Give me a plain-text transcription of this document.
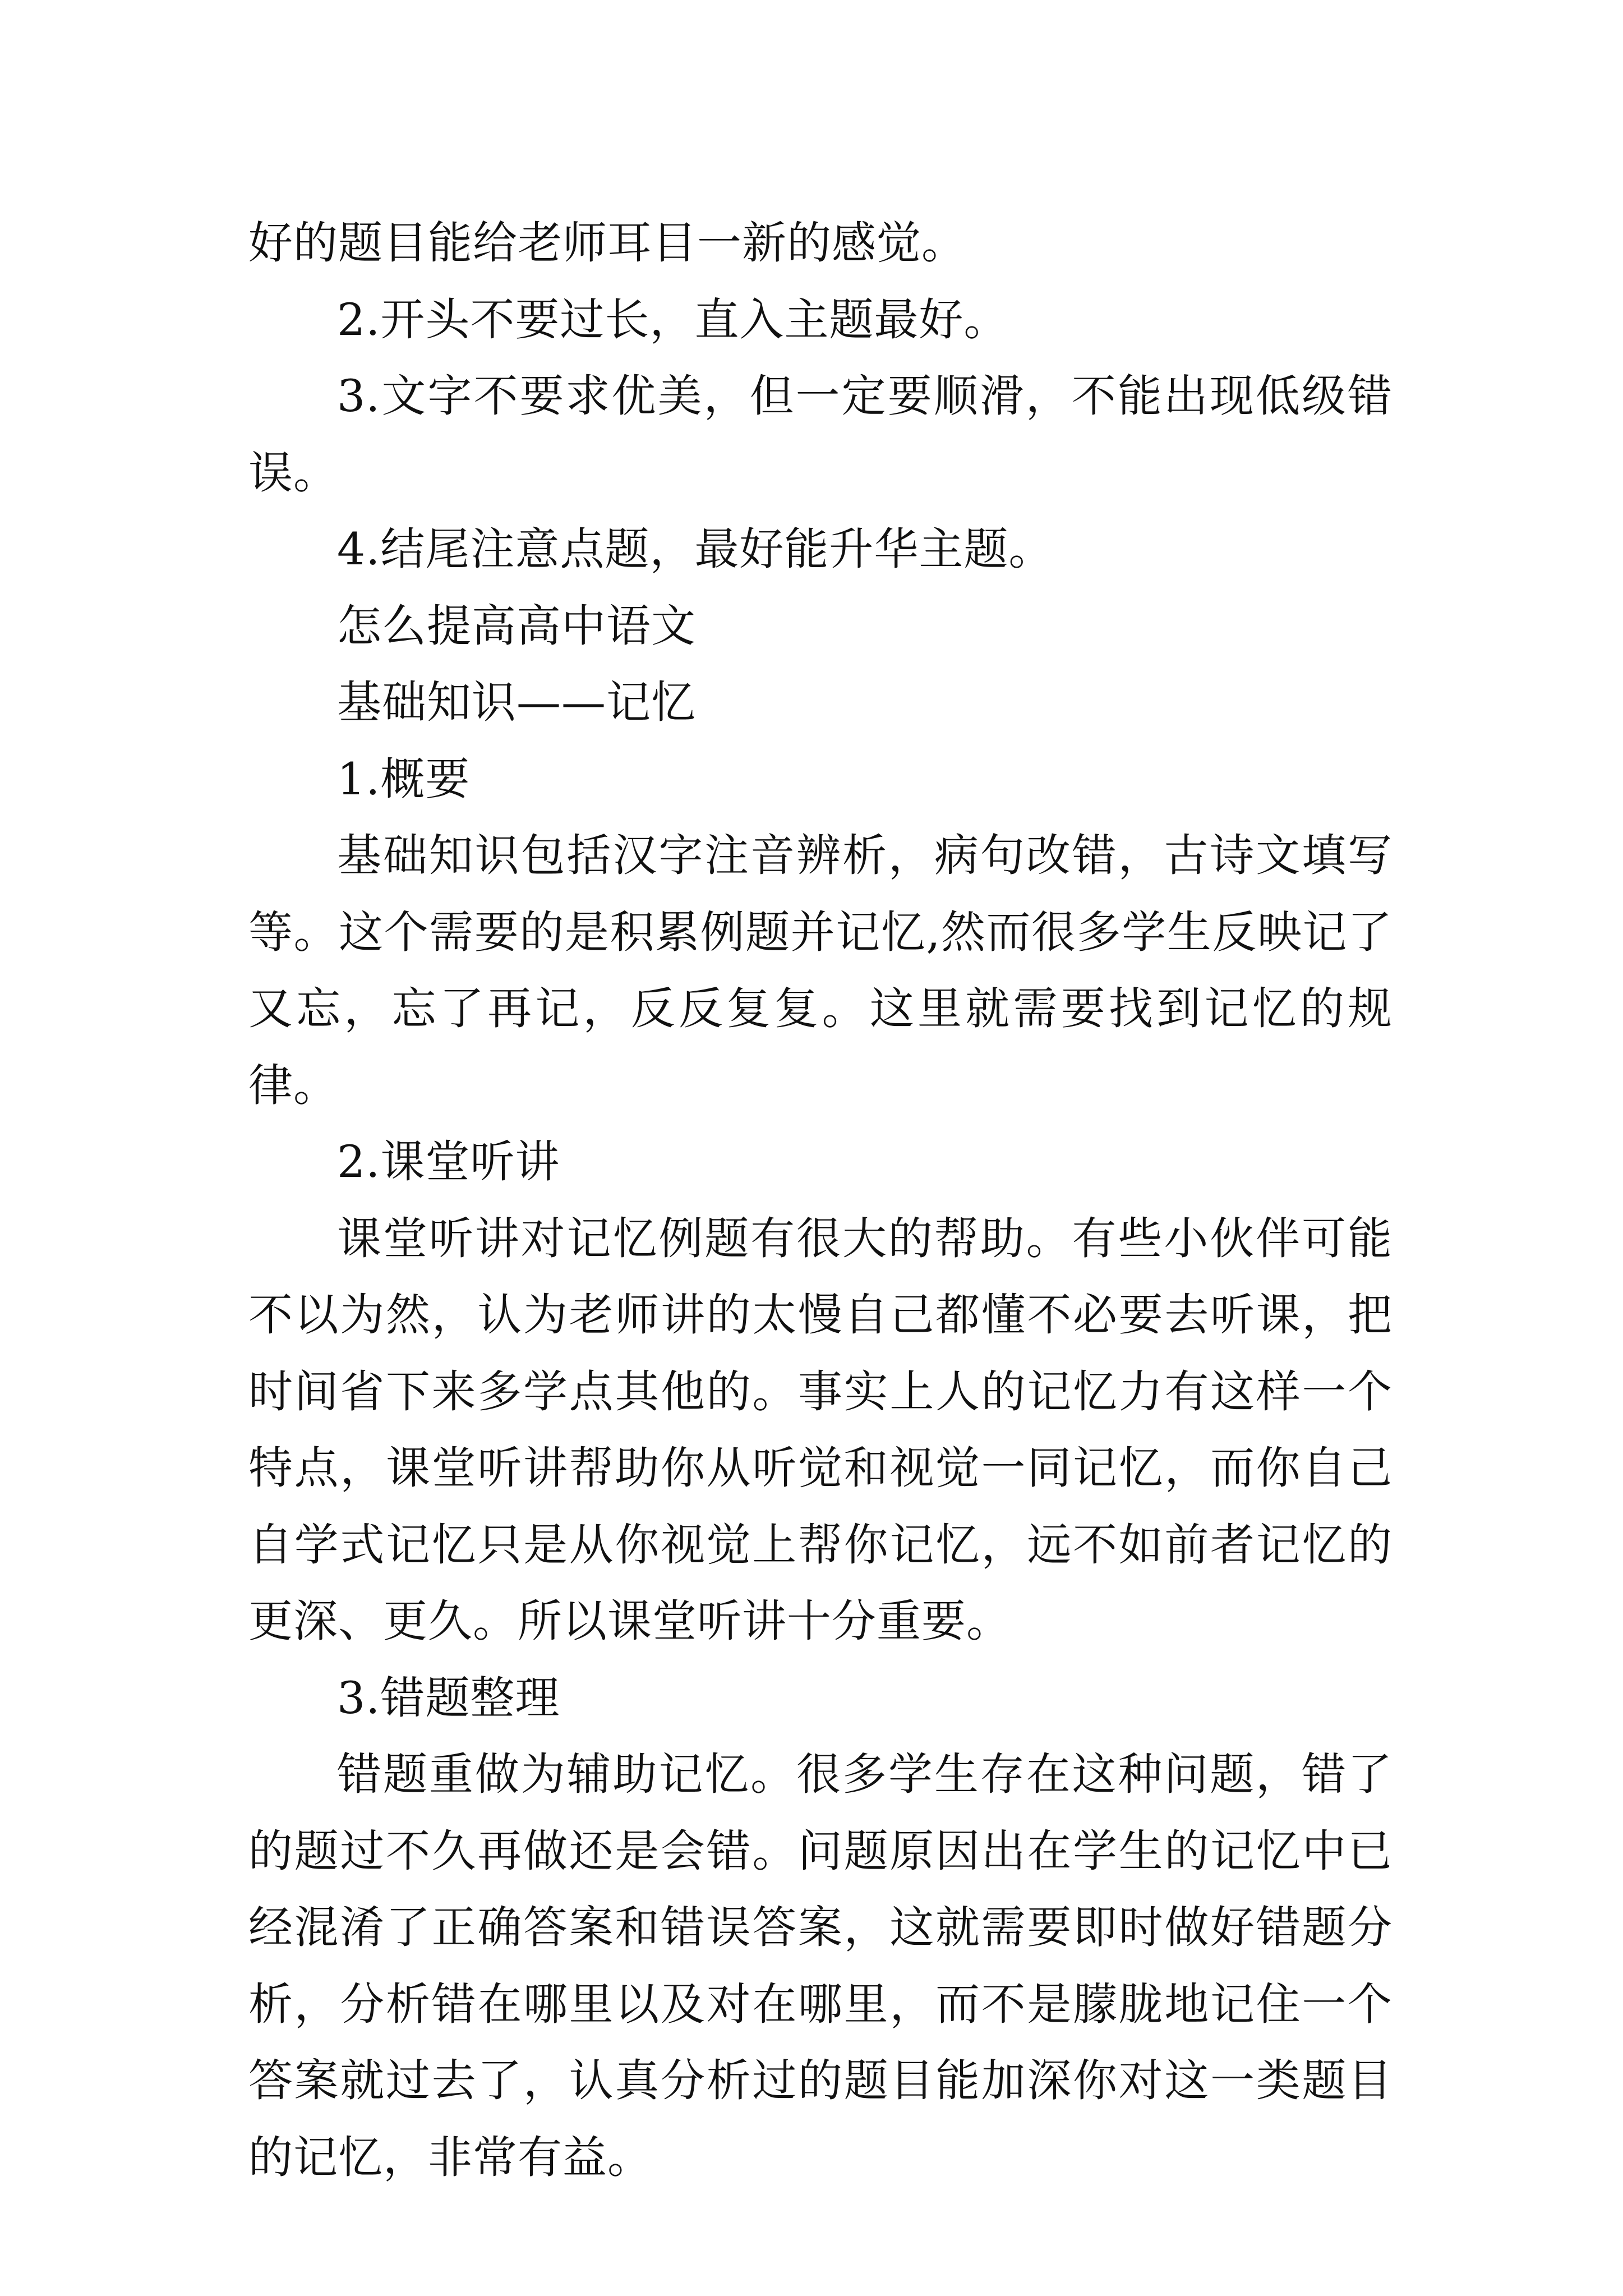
好的题目能给老师耳目一新的感觉。

2.开头不要过长，直入主题最好。

3.文字不要求优美，但一定要顺滑，不能出现低级错误。

4.结尾注意点题，最好能升华主题。

怎么提高高中语文

基础知识——记忆

1.概要

基础知识包括汉字注音辨析，病句改错，古诗文填写等。这个需要的是积累例题并记忆,然而很多学生反映记了又忘，忘了再记，反反复复。这里就需要找到记忆的规律。

2.课堂听讲

课堂听讲对记忆例题有很大的帮助。有些小伙伴可能不以为然，认为老师讲的太慢自己都懂不必要去听课，把时间省下来多学点其他的。事实上人的记忆力有这样一个特点，课堂听讲帮助你从听觉和视觉一同记忆，而你自己自学式记忆只是从你视觉上帮你记忆，远不如前者记忆的更深、更久。所以课堂听讲十分重要。

3.错题整理

错题重做为辅助记忆。很多学生存在这种问题，错了的题过不久再做还是会错。问题原因出在学生的记忆中已经混淆了正确答案和错误答案，这就需要即时做好错题分析，分析错在哪里以及对在哪里，而不是朦胧地记住一个答案就过去了，认真分析过的题目能加深你对这一类题目的记忆，非常有益。
